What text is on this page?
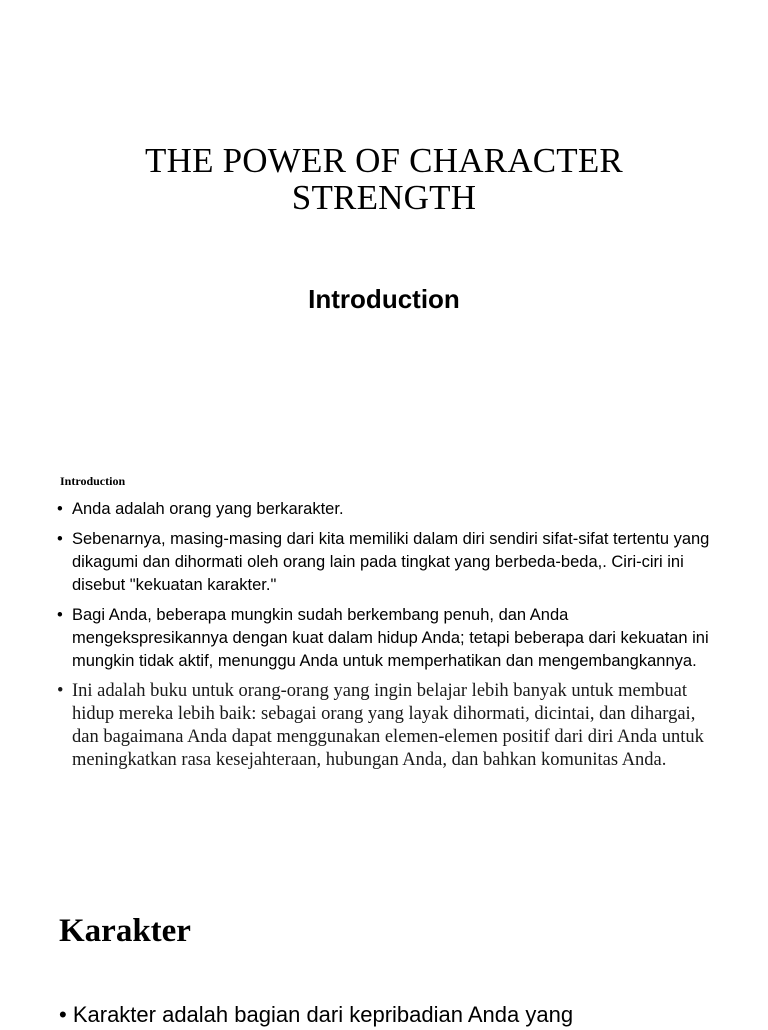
THE POWER OF CHARACTER
STRENGTH
Introduction

Introduction

• Anda adalah orang yang berkarakter.
• Sebenarnya, masing-masing dari kita memiliki dalam diri sendiri sifat-sifat tertentu yang dikagumi dan dihormati oleh orang lain pada tingkat yang berbeda-beda,. Ciri-ciri ini disebut "kekuatan karakter."
• Bagi Anda, beberapa mungkin sudah berkembang penuh, dan Anda mengekspresikannya dengan kuat dalam hidup Anda; tetapi beberapa dari kekuatan ini mungkin tidak aktif, menunggu Anda untuk memperhatikan dan mengembangkannya.
• Ini adalah buku untuk orang-orang yang ingin belajar lebih banyak untuk membuat hidup mereka lebih baik: sebagai orang yang layak dihormati, dicintai, dan dihargai, dan bagaimana Anda dapat menggunakan elemen-elemen positif dari diri Anda untuk meningkatkan rasa kesejahteraan, hubungan Anda, dan bahkan komunitas Anda.
Karakter

• Karakter adalah bagian dari kepribadian Anda yang
